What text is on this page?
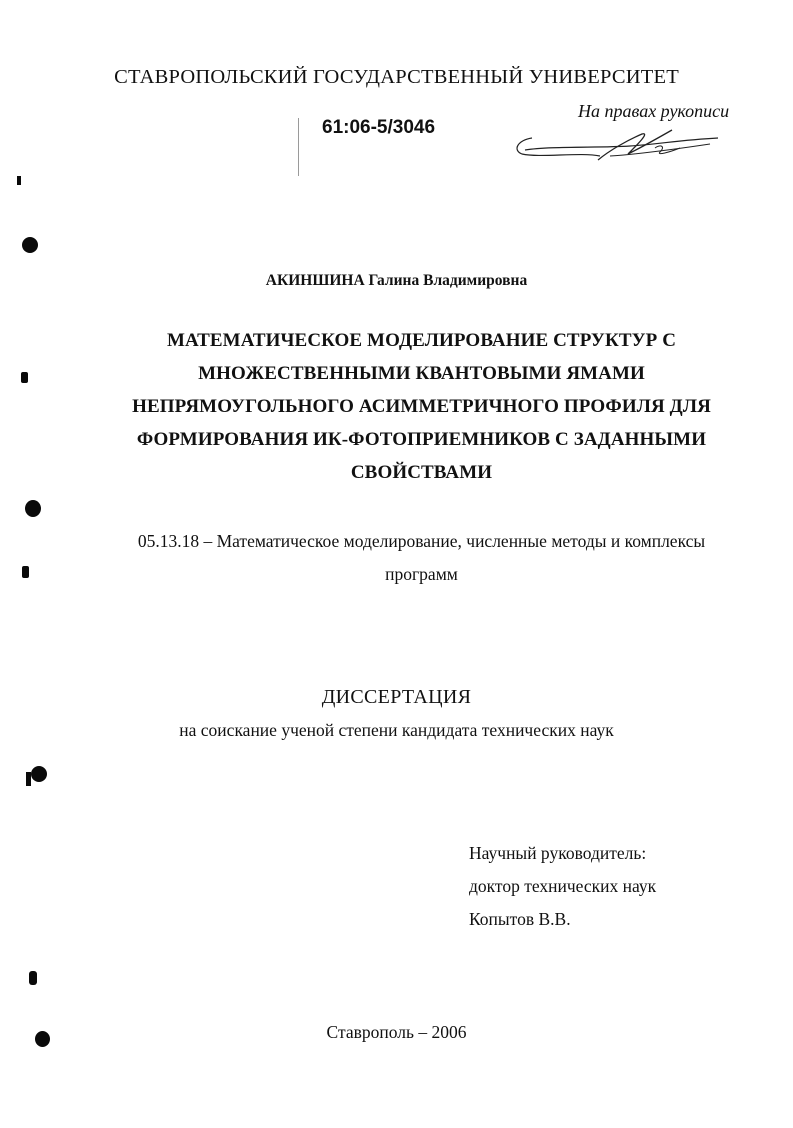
СТАВРОПОЛЬСКИЙ ГОСУДАРСТВЕННЫЙ УНИВЕРСИТЕТ
61:06-5/3046
На правах рукописи
АКИНШИНА Галина Владимировна
МАТЕМАТИЧЕСКОЕ МОДЕЛИРОВАНИЕ СТРУКТУР С
МНОЖЕСТВЕННЫМИ КВАНТОВЫМИ ЯМАМИ
НЕПРЯМОУГОЛЬНОГО АСИММЕТРИЧНОГО ПРОФИЛЯ ДЛЯ
ФОРМИРОВАНИЯ ИК-ФОТОПРИЕМНИКОВ С ЗАДАННЫМИ
СВОЙСТВАМИ
05.13.18 – Математическое моделирование, численные методы и комплексы
программ
ДИССЕРТАЦИЯ
на соискание ученой степени кандидата технических наук
Научный руководитель:
доктор технических наук
Копытов В.В.
Ставрополь – 2006
